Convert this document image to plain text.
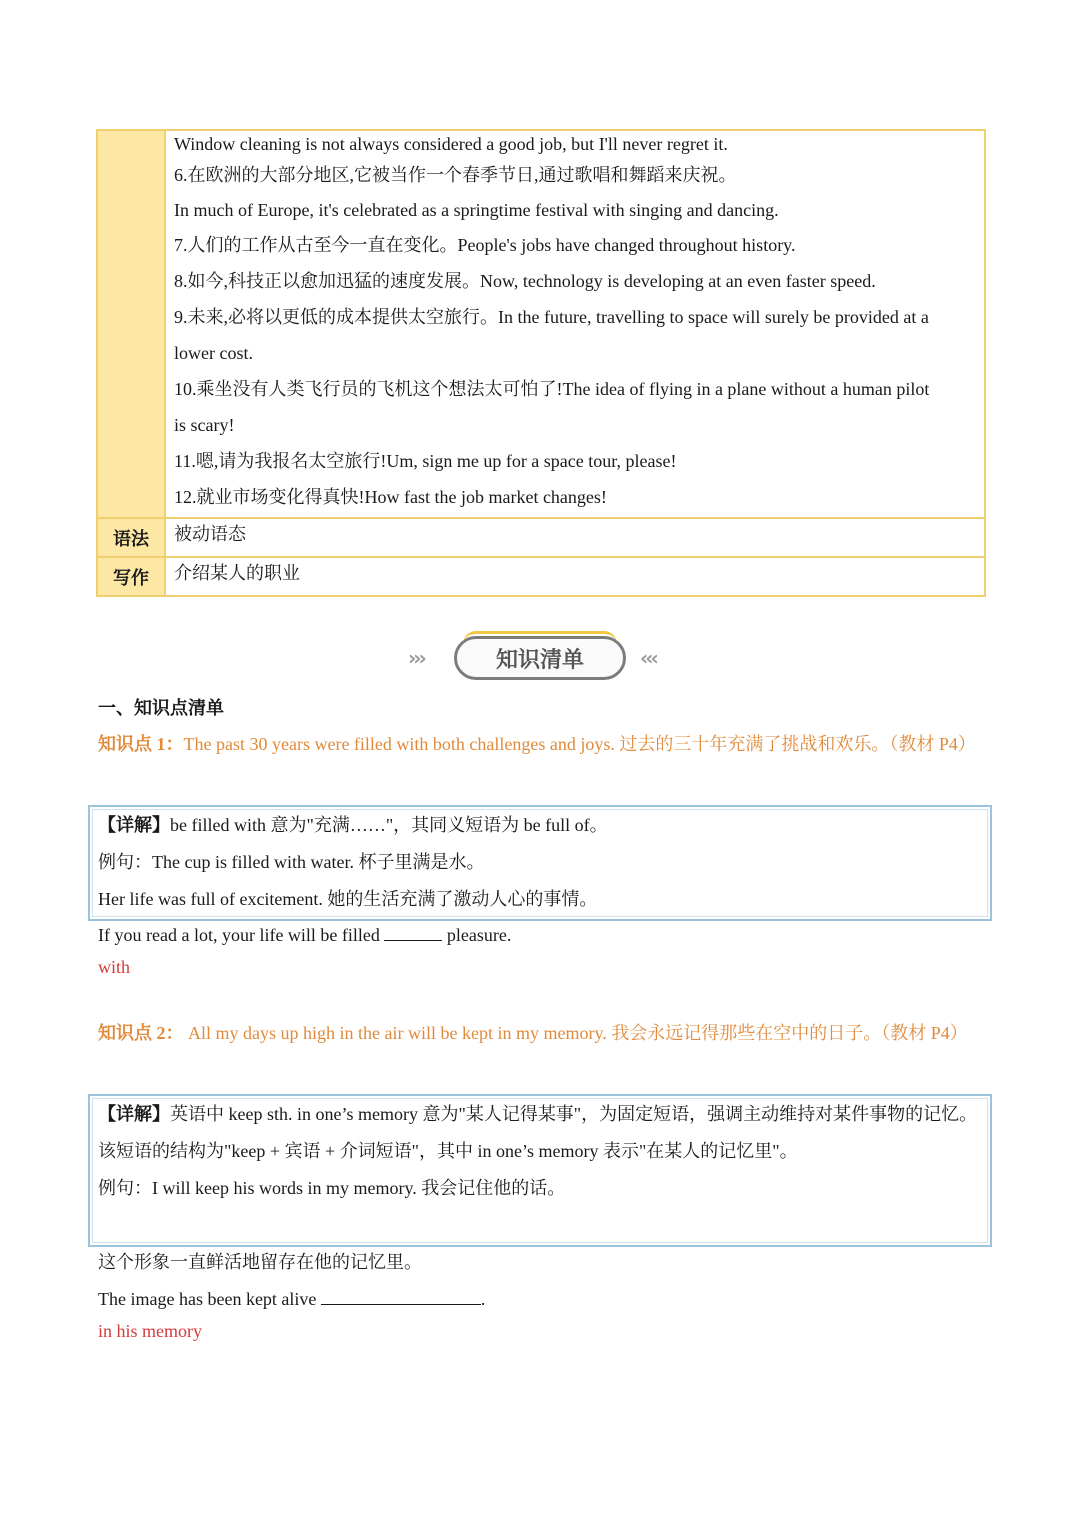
Window cleaning is not always considered a good job, but I'll never regret it.

6.在欧洲的大部分地区,它被当作一个春季节日,通过歌唱和舞蹈来庆祝。

In much of Europe, it's celebrated as a springtime festival with singing and dancing.

7.人们的工作从古至今一直在变化。People's jobs have changed throughout history.

8.如今,科技正以愈加迅猛的速度发展。Now, technology is developing at an even faster speed.

9.未来,必将以更低的成本提供太空旅行。In the future, travelling to space will surely be provided at a

lower cost.

10.乘坐没有人类飞行员的飞机这个想法太可怕了!The idea of flying in a plane without a human pilot

is scary!

11.嗯,请为我报名太空旅行!Um, sign me up for a space tour, please!

12.就业市场变化得真快!How fast the job market changes!

语法	被动语态
写作	介绍某人的职业
›››	知识清单	‹‹‹
一、知识点清单
知识点 1：The past 30 years were filled with both challenges and joys. 过去的三十年充满了挑战和欢乐。（教材 P4）

【详解】be filled with 意为"充满……"，其同义短语为 be full of。

例句：The cup is filled with water. 杯子里满是水。

Her life was full of excitement. 她的生活充满了激动人心的事情。

If you read a lot, your life will be filled	pleasure.
with
知识点 2： All my days up high in the air will be kept in my memory. 我会永远记得那些在空中的日子。（教材 P4）

【详解】英语中 keep sth. in one’s memory 意为"某人记得某事"，为固定短语，强调主动维持对某件事物的记忆。

该短语的结构为"keep + 宾语 + 介词短语"，其中 in one’s memory 表示"在某人的记忆里"。

例句：I will keep his words in my memory. 我会记住他的话。

这个形象一直鲜活地留存在他的记忆里。
The image has been kept alive	.
in his memory
